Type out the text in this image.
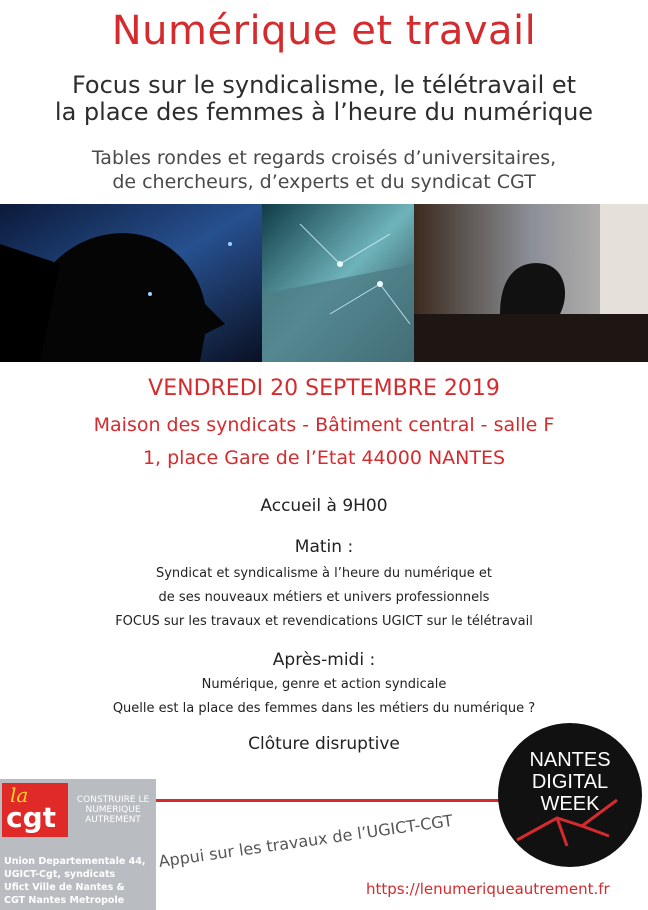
Numérique et travail
Focus sur le syndicalisme, le télétravail et
la place des femmes à l’heure du numérique
Tables rondes et regards croisés d’universitaires,
de chercheurs, d’experts et du syndicat CGT
VENDREDI 20 SEPTEMBRE 2019
Maison des syndicats - Bâtiment central - salle F
1, place Gare de l’Etat 44000 NANTES
Accueil à 9H00
Matin :
Syndicat et syndicalisme à l’heure du numérique et
de ses nouveaux métiers et univers professionnels
FOCUS sur les travaux et revendications UGICT sur le télétravail
Après-midi :
Numérique, genre et action syndicale
Quelle est la place des femmes dans les métiers du numérique ?
Clôture disruptive
la
cgt
CONSTRUIRE LE
NUMERIQUE
AUTREMENT
Union Departementale 44,
UGICT-Cgt, syndicats
Ufict Ville de Nantes &
CGT Nantes Metropole
Appui sur les travaux de l’UGICT-CGT
https://lenumeriqueautrement.fr
NANTES
DIGITAL
WEEK
